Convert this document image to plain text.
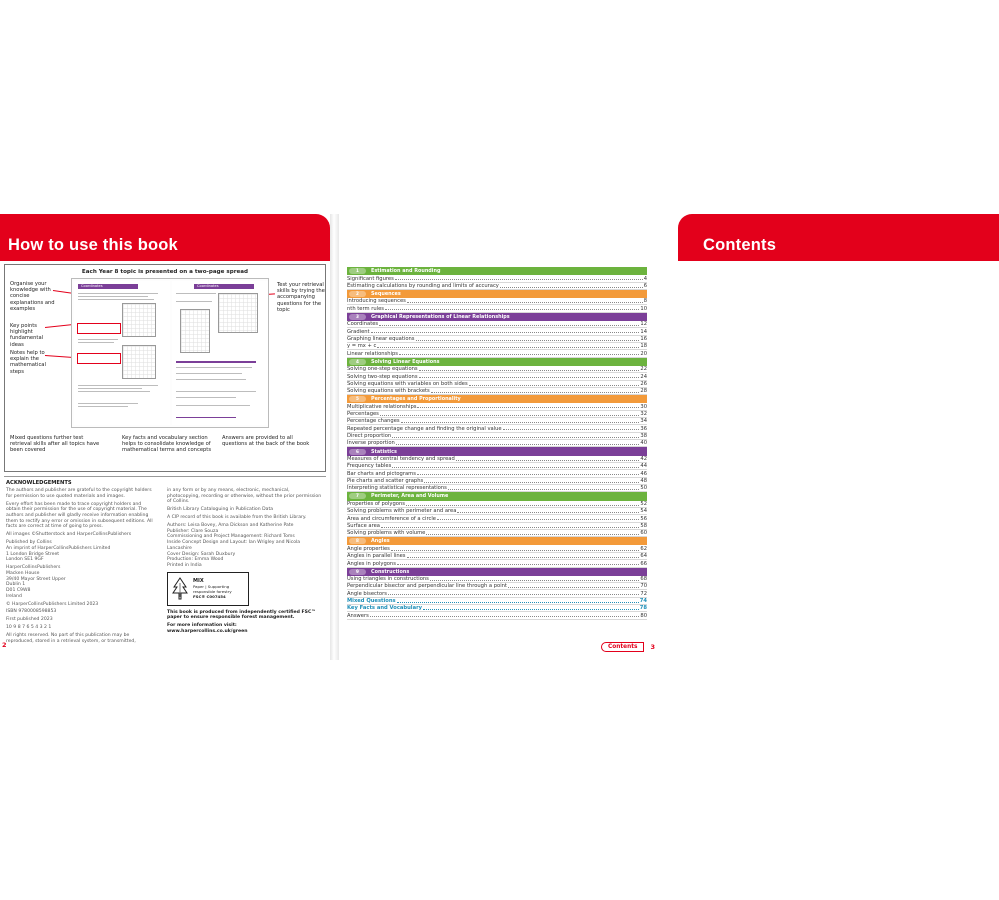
How to use this book
Each Year 8 topic is presented on a two-page spread
Organise your knowledge with concise explanations and examples
Key points highlight fundamental ideas
Notes help to explain the mathematical steps
Test your retrieval skills by trying the accompanying questions for the topic
Mixed questions further test retrieval skills after all topics have been covered
Key facts and vocabulary section helps to consolidate knowledge of mathematical terms and concepts
Answers are provided to all questions at the back of the book
Coordinates	Coordinates
ACKNOWLEDGEMENTS

The authors and publisher are grateful to the copyright holders for permission to use quoted materials and images.

Every effort has been made to trace copyright holders and obtain their permission for the use of copyright material. The authors and publisher will gladly receive information enabling them to rectify any error or omission in subsequent editions. All facts are correct at time of going to press.

All images ©Shutterstock and HarperCollinsPublishers

Published by Collins
An imprint of HarperCollinsPublishers Limited
1 London Bridge Street
London SE1 9GF

HarperCollinsPublishers
Macken House
39/40 Mayor Street Upper
Dublin 1
D01 C9W8
Ireland

© HarperCollinsPublishers Limited 2023

ISBN 9780008598853

First published 2023

10 9 8 7 6 5 4 3 2 1

All rights reserved. No part of this publication may be reproduced, stored in a retrieval system, or transmitted,

in any form or by any means, electronic, mechanical, photocopying, recording or otherwise, without the prior permission of Collins.

British Library Cataloguing in Publication Data

A CIP record of this book is available from the British Library.

Authors: Leisa Bovey, Ama Dickson and Katherine Pate
Publisher: Clare Souza
Commissioning and Project Management: Richard Toms
Inside Concept Design and Layout: Ian Wrigley and Nicola Lancashire
Cover Design: Sarah Duxbury
Production: Emma Wood
Printed in India

MIX
Paper | Supporting
responsible forestry
FSC® C007454

This book is produced from independently certified FSC™ paper to ensure responsible forest management.

For more information visit:

www.harpercollins.co.uk/green

2
Contents
1	Estimation and Rounding
Significant figures	4
Estimating calculations by rounding and limits of accuracy	6
2	Sequences
Introducing sequences	8
nth term rules	10
3	Graphical Representations of Linear Relationships
Coordinates	12
Gradient	14
Graphing linear equations	16
y = mx + c	18
Linear relationships	20
4	Solving Linear Equations
Solving one-step equations	22
Solving two-step equations	24
Solving equations with variables on both sides	26
Solving equations with brackets	28
5	Percentages and Proportionality
Multiplicative relationships	30
Percentages	32
Percentage changes	34
Repeated percentage change and finding the original value	36
Direct proportion	38
Inverse proportion	40
6	Statistics
Measures of central tendency and spread	42
Frequency tables	44
Bar charts and pictograms	46
Pie charts and scatter graphs	48
Interpreting statistical representations	50
7	Perimeter, Area and Volume
Properties of polygons	52
Solving problems with perimeter and area	54
Area and circumference of a circle	56
Surface area	58
Solving problems with volume	60
8	Angles
Angle properties	62
Angles in parallel lines	64
Angles in polygons	66
9	Constructions
Using triangles in constructions	68
Perpendicular bisector and perpendicular line through a point	70
Angle bisectors	72
Mixed Questions	74
Key Facts and Vocabulary	78
Answers	80
Contents	3
